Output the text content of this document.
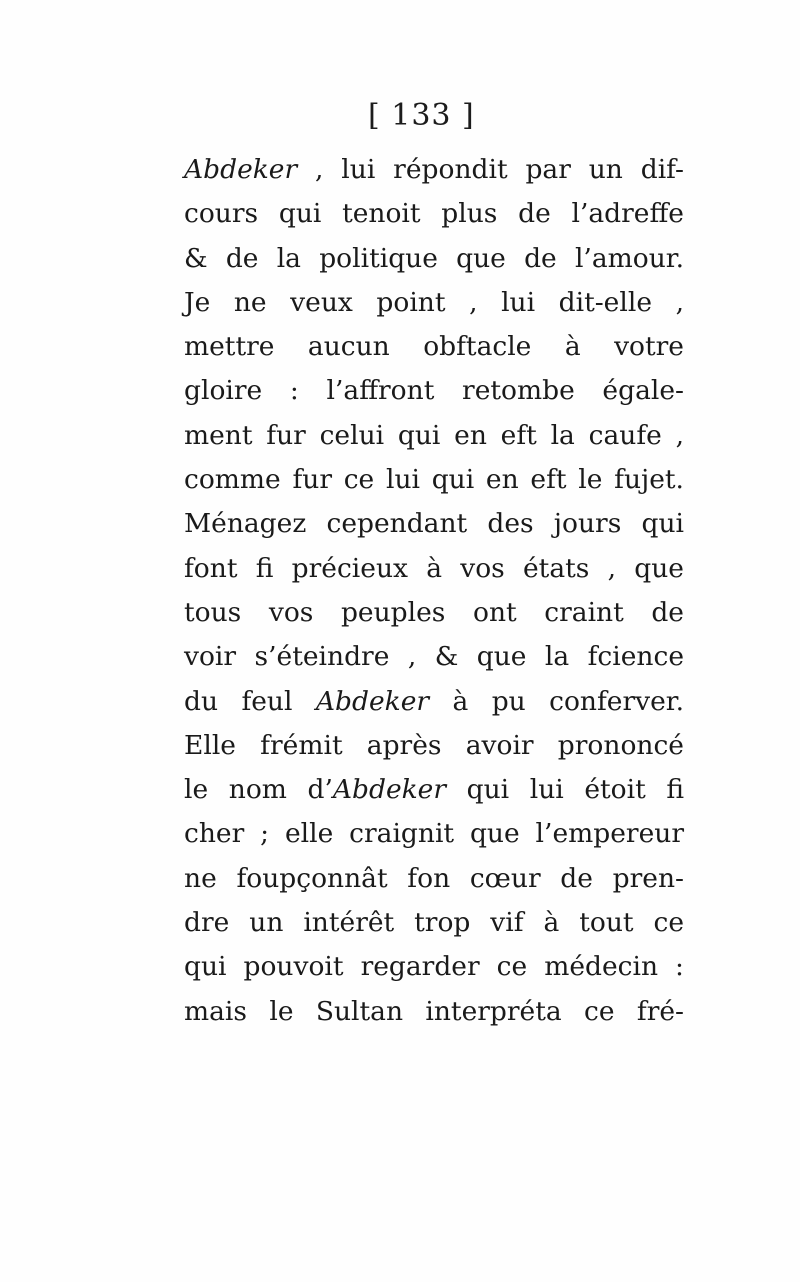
[ 133 ]
Abdeker , lui répondit par un dif-
cours qui tenoit plus de l’adreffe
& de la politique que de l’amour.
Je ne veux point , lui dit-elle ,
mettre aucun obftacle à votre
gloire : l’affront retombe égale-
ment fur celui qui en eft la caufe ,
comme fur ce lui qui en eft le fujet.
Ménagez cependant des jours qui
font fi précieux à vos états , que
tous vos peuples ont craint de
voir s’éteindre , & que la fcience
du feul Abdeker à pu conferver.
Elle frémit après avoir prononcé
le nom d’Abdeker qui lui étoit fi
cher ; elle craignit que l’empereur
ne foupçonnât fon cœur de pren-
dre un intérêt trop vif à tout ce
qui pouvoit regarder ce médecin :
mais le Sultan interpréta ce fré-
